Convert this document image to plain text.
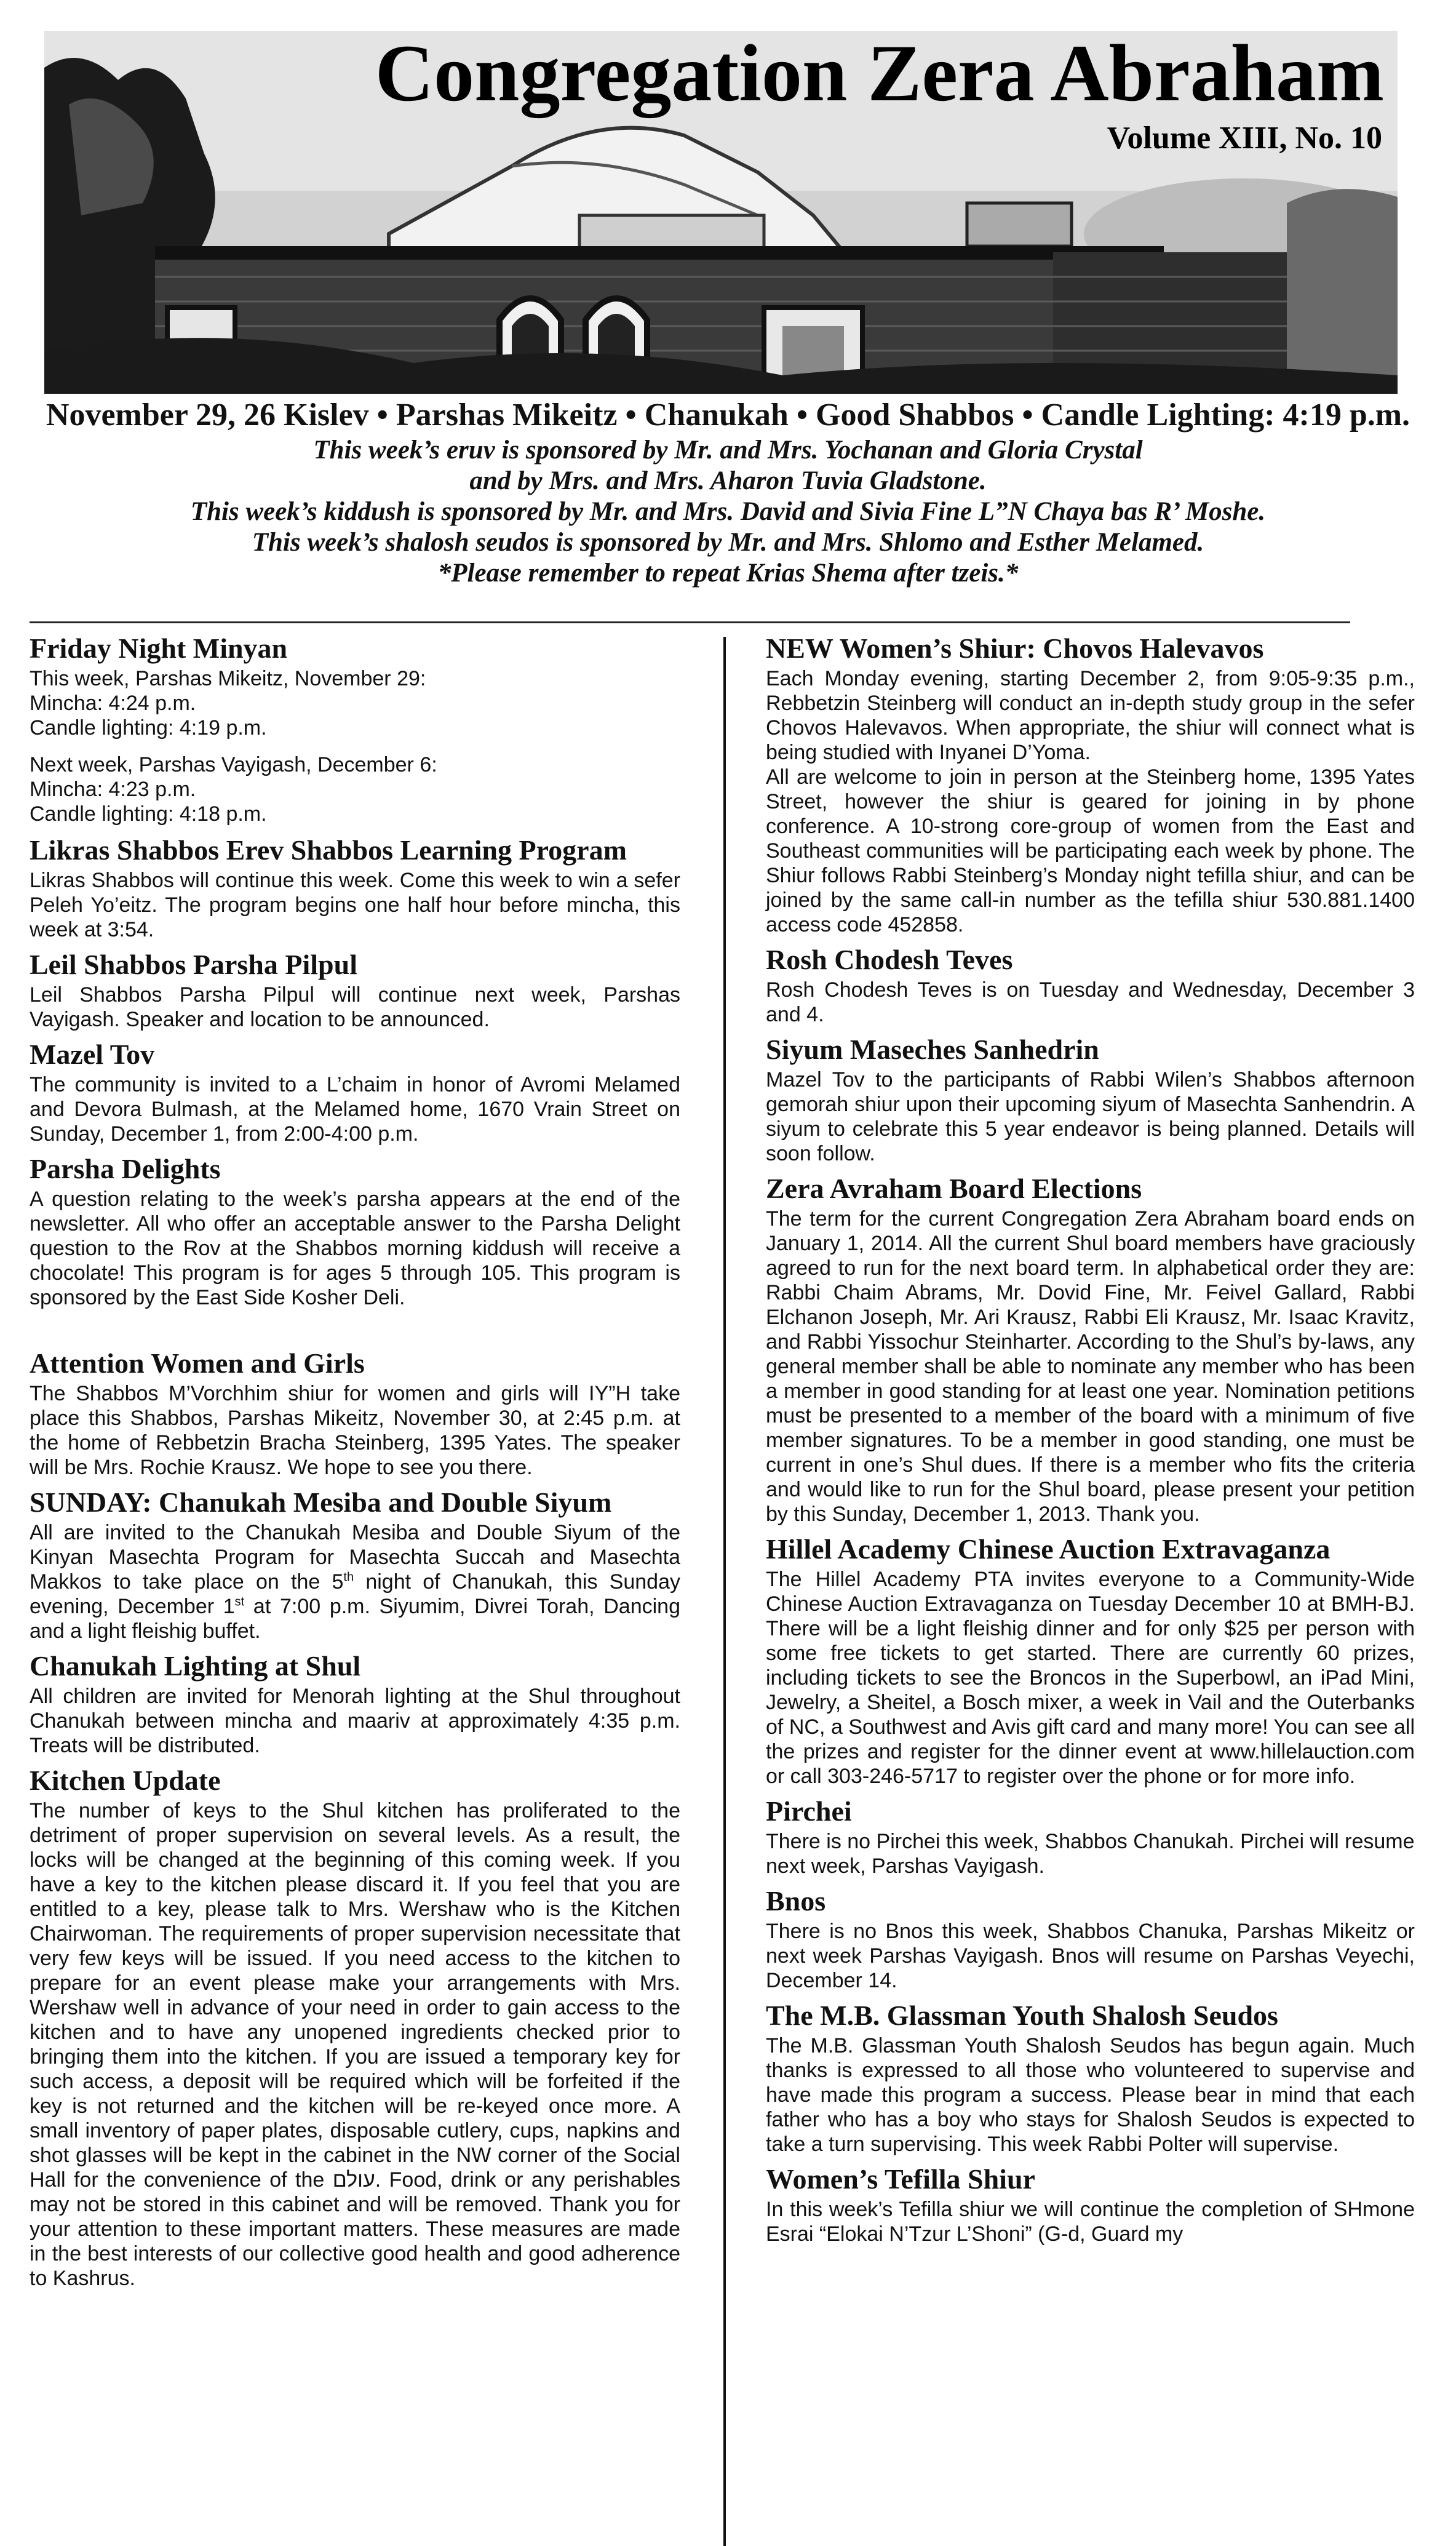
Congregation Zera Abraham
Volume XIII, No. 10
November 29, 26 Kislev • Parshas Mikeitz • Chanukah • Good Shabbos • Candle Lighting: 4:19 p.m.
This week’s eruv is sponsored by Mr. and Mrs. Yochanan and Gloria Crystal
and by Mrs. and Mrs. Aharon Tuvia Gladstone.
This week’s kiddush is sponsored by Mr. and Mrs. David and Sivia Fine L”N Chaya bas R’ Moshe.
This week’s shalosh seudos is sponsored by Mr. and Mrs. Shlomo and Esther Melamed.
*Please remember to repeat Krias Shema after tzeis.*
Friday Night Minyan

This week, Parshas Mikeitz, November 29:

Mincha: 4:24 p.m.

Candle lighting: 4:19 p.m.

Next week, Parshas Vayigash, December 6:

Mincha: 4:23 p.m.

Candle lighting: 4:18 p.m.

Likras Shabbos Erev Shabbos Learning Program

Likras Shabbos will continue this week. Come this week to win a sefer Peleh Yo’eitz. The program begins one half hour before mincha, this week at 3:54.

Leil Shabbos Parsha Pilpul

Leil Shabbos Parsha Pilpul will continue next week, Parshas Vayigash. Speaker and location to be announced.

Mazel Tov

The community is invited to a L’chaim in honor of Avromi Melamed and Devora Bulmash, at the Melamed home, 1670 Vrain Street on Sunday, December 1, from 2:00-4:00 p.m.

Parsha Delights

A question relating to the week’s parsha appears at the end of the newsletter. All who offer an acceptable answer to the Parsha Delight question to the Rov at the Shabbos morning kiddush will receive a chocolate! This program is for ages 5 through 105. This program is sponsored by the East Side Kosher Deli.

Attention Women and Girls

The Shabbos M’Vorchhim shiur for women and girls will IY”H take place this Shabbos, Parshas Mikeitz, November 30, at 2:45 p.m. at the home of Rebbetzin Bracha Steinberg, 1395 Yates. The speaker will be Mrs. Rochie Krausz. We hope to see you there.

SUNDAY: Chanukah Mesiba and Double Siyum

All are invited to the Chanukah Mesiba and Double Siyum of the Kinyan Masechta Program for Masechta Succah and Masechta Makkos to take place on the 5th night of Chanukah, this Sunday evening, December 1st at 7:00 p.m. Siyumim, Divrei Torah, Dancing and a light fleishig buffet.

Chanukah Lighting at Shul

All children are invited for Menorah lighting at the Shul throughout Chanukah between mincha and maariv at approximately 4:35 p.m. Treats will be distributed.

Kitchen Update

The number of keys to the Shul kitchen has proliferated to the detriment of proper supervision on several levels. As a result, the locks will be changed at the beginning of this coming week. If you have a key to the kitchen please discard it. If you feel that you are entitled to a key, please talk to Mrs. Wershaw who is the Kitchen Chairwoman. The requirements of proper supervision necessitate that very few keys will be issued. If you need access to the kitchen to prepare for an event please make your arrangements with Mrs. Wershaw well in advance of your need in order to gain access to the kitchen and to have any unopened ingredients checked prior to bringing them into the kitchen. If you are issued a temporary key for such access, a deposit will be required which will be forfeited if the key is not returned and the kitchen will be re-keyed once more. A small inventory of paper plates, disposable cutlery, cups, napkins and shot glasses will be kept in the cabinet in the NW corner of the Social Hall for the convenience of the עולם. Food, drink or any perishables may not be stored in this cabinet and will be removed. Thank you for your attention to these important matters. These measures are made in the best interests of our collective good health and good adherence to Kashrus.

NEW Women’s Shiur: Chovos Halevavos

Each Monday evening, starting December 2, from 9:05-9:35 p.m., Rebbetzin Steinberg will conduct an in-depth study group in the sefer Chovos Halevavos. When appropriate, the shiur will connect what is being studied with Inyanei D’Yoma.

All are welcome to join in person at the Steinberg home, 1395 Yates Street, however the shiur is geared for joining in by phone conference. A 10-strong core-group of women from the East and Southeast communities will be participating each week by phone. The Shiur follows Rabbi Steinberg’s Monday night tefilla shiur, and can be joined by the same call-in number as the tefilla shiur 530.881.1400 access code 452858.

Rosh Chodesh Teves

Rosh Chodesh Teves is on Tuesday and Wednesday, December 3 and 4.

Siyum Maseches Sanhedrin

Mazel Tov to the participants of Rabbi Wilen’s Shabbos afternoon gemorah shiur upon their upcoming siyum of Masechta Sanhendrin. A siyum to celebrate this 5 year endeavor is being planned. Details will soon follow.

Zera Avraham Board Elections

The term for the current Congregation Zera Abraham board ends on January 1, 2014. All the current Shul board members have graciously agreed to run for the next board term. In alphabetical order they are: Rabbi Chaim Abrams, Mr. Dovid Fine, Mr. Feivel Gallard, Rabbi Elchanon Joseph, Mr. Ari Krausz, Rabbi Eli Krausz, Mr. Isaac Kravitz, and Rabbi Yissochur Steinharter. According to the Shul’s by-laws, any general member shall be able to nominate any member who has been a member in good standing for at least one year. Nomination petitions must be presented to a member of the board with a minimum of five member signatures. To be a member in good standing, one must be current in one’s Shul dues. If there is a member who fits the criteria and would like to run for the Shul board, please present your petition by this Sunday, December 1, 2013. Thank you.

Hillel Academy Chinese Auction Extravaganza

The Hillel Academy PTA invites everyone to a Community-Wide Chinese Auction Extravaganza on Tuesday December 10 at BMH-BJ. There will be a light fleishig dinner and for only $25 per person with some free tickets to get started. There are currently 60 prizes, including tickets to see the Broncos in the Superbowl, an iPad Mini, Jewelry, a Sheitel, a Bosch mixer, a week in Vail and the Outerbanks of NC, a Southwest and Avis gift card and many more! You can see all the prizes and register for the dinner event at www.hillelauction.com or call 303-246-5717 to register over the phone or for more info.

Pirchei

There is no Pirchei this week, Shabbos Chanukah. Pirchei will resume next week, Parshas Vayigash.

Bnos

There is no Bnos this week, Shabbos Chanuka, Parshas Mikeitz or next week Parshas Vayigash. Bnos will resume on Parshas Veyechi, December 14.

The M.B. Glassman Youth Shalosh Seudos

The M.B. Glassman Youth Shalosh Seudos has begun again. Much thanks is expressed to all those who volunteered to supervise and have made this program a success. Please bear in mind that each father who has a boy who stays for Shalosh Seudos is expected to take a turn supervising. This week Rabbi Polter will supervise.

Women’s Tefilla Shiur

In this week’s Tefilla shiur we will continue the completion of SHmone Esrai “Elokai N’Tzur L’Shoni” (G-d, Guard my
